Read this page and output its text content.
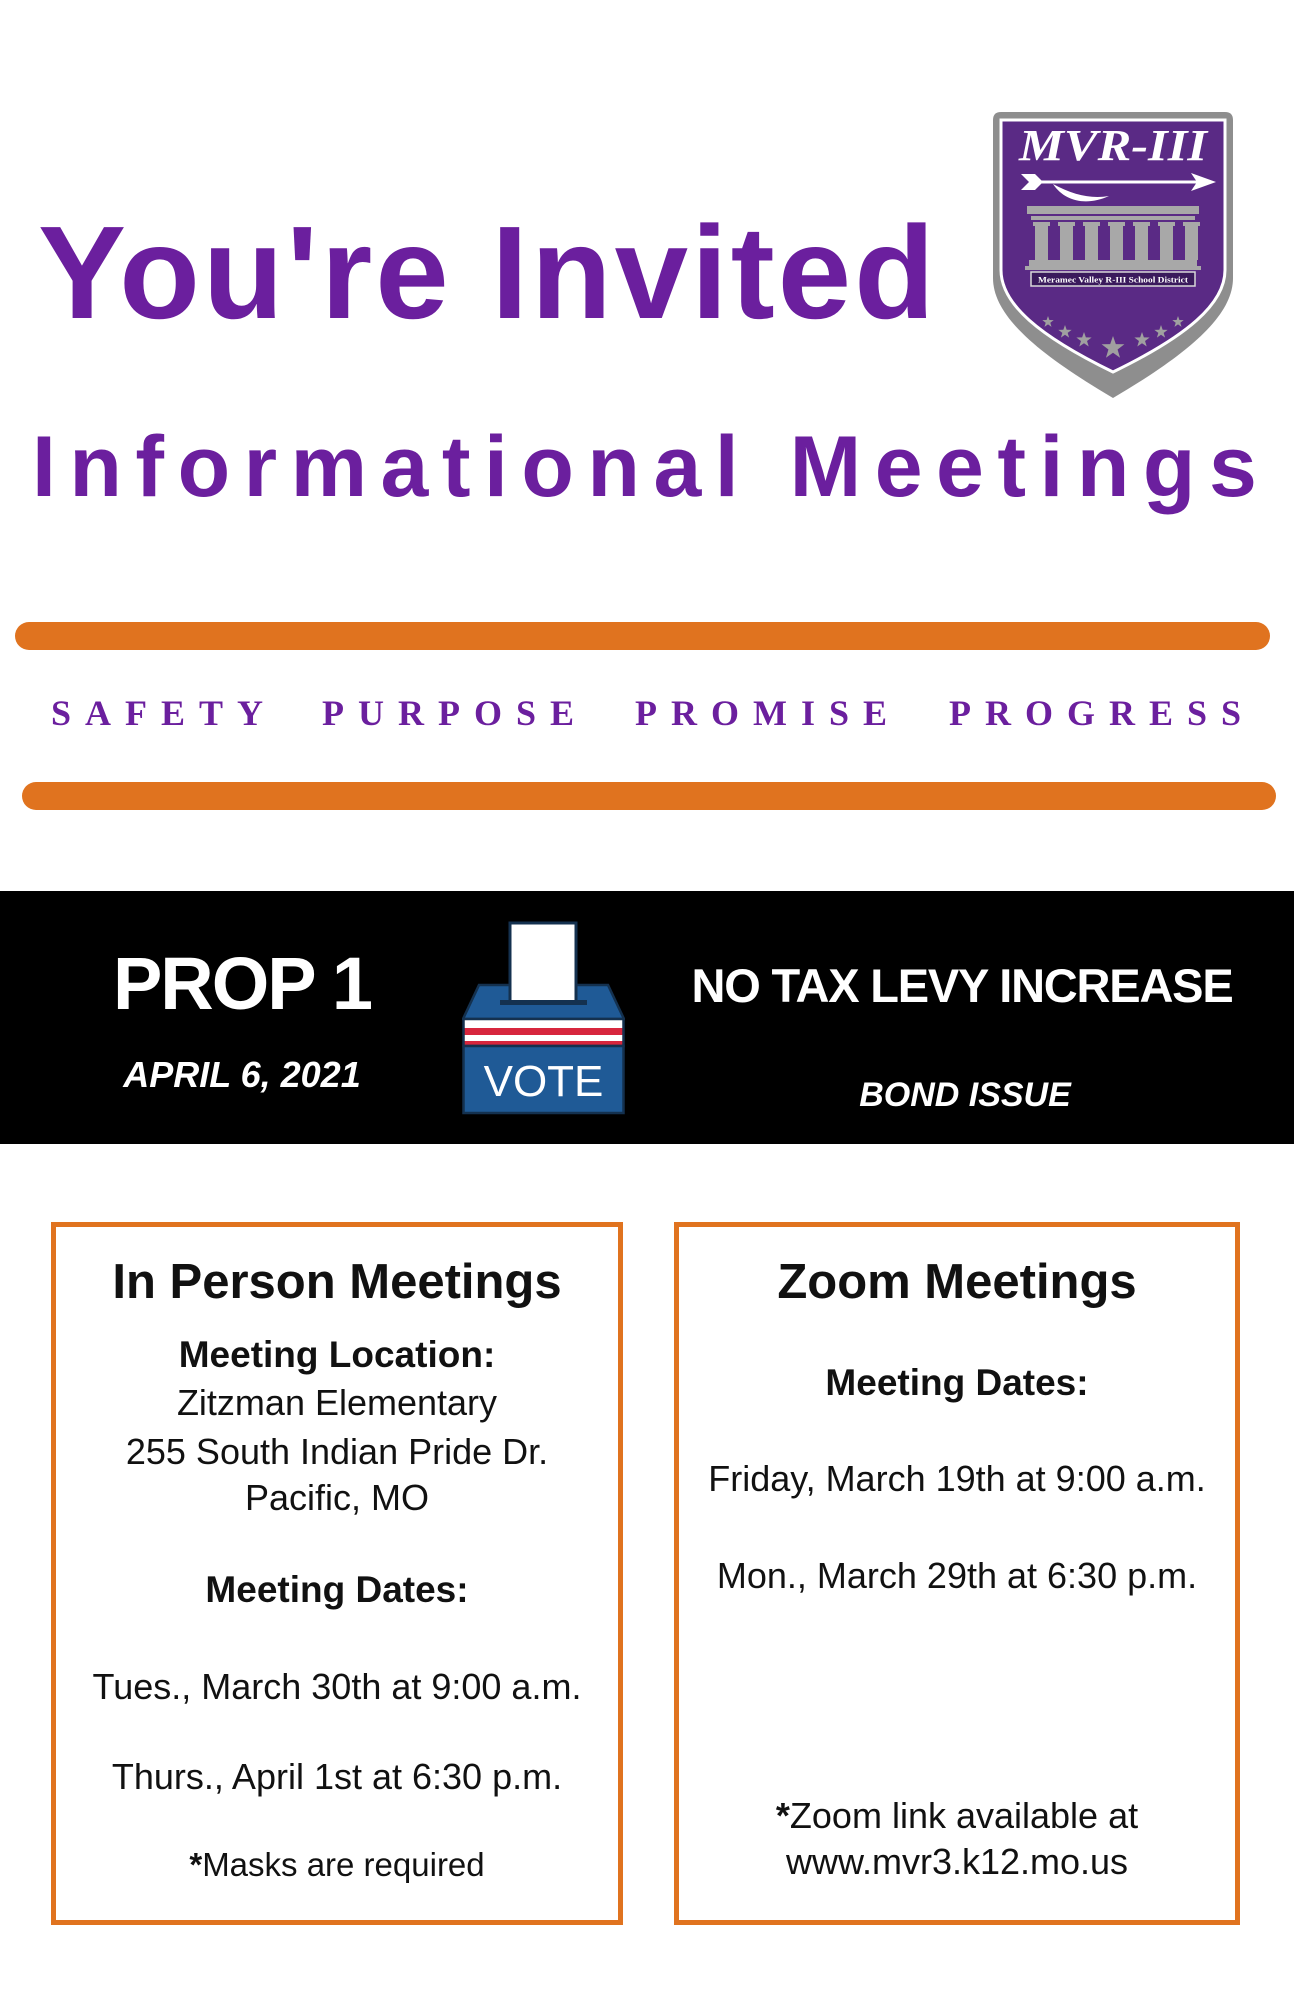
You're Invited
MVR-III
Meramec Valley R-III School District
Informational Meetings
SAFETY PURPOSE PROMISE PROGRESS
PROP 1
APRIL 6, 2021	VOTE
NO TAX LEVY INCREASE
BOND ISSUE
In Person Meetings
Meeting Location:
Zitzman Elementary
255 South Indian Pride Dr.
Pacific, MO
Meeting Dates:
Tues., March 30th at 9:00 a.m.
Thurs., April 1st at 6:30 p.m.
*Masks are required
Zoom Meetings
Meeting Dates:
Friday, March 19th at 9:00 a.m.
Mon., March 29th at 6:30 p.m.
*Zoom link available at
www.mvr3.k12.mo.us
